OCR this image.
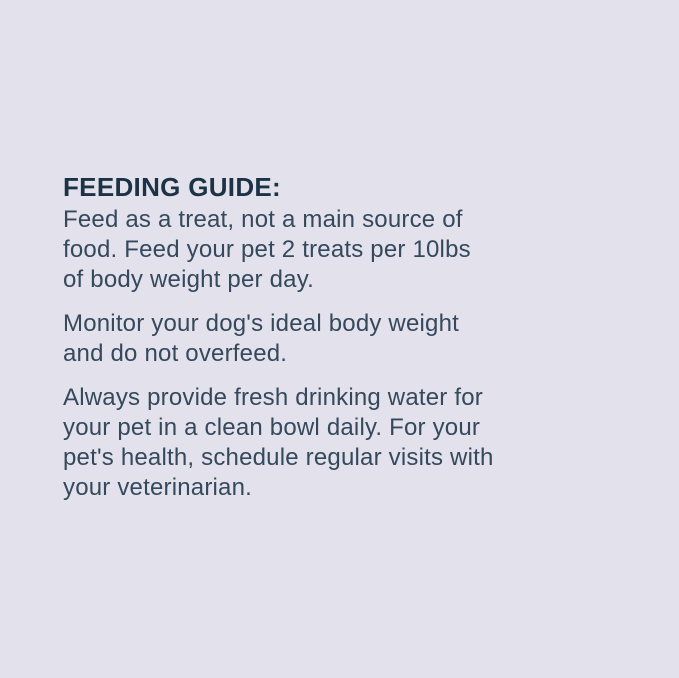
FEEDING GUIDE:
Feed as a treat, not a main source of
food. Feed your pet 2 treats per 10lbs
of body weight per day.
Monitor your dog's ideal body weight
and do not overfeed.
Always provide fresh drinking water for
your pet in a clean bowl daily. For your
pet's health, schedule regular visits with
your veterinarian.
